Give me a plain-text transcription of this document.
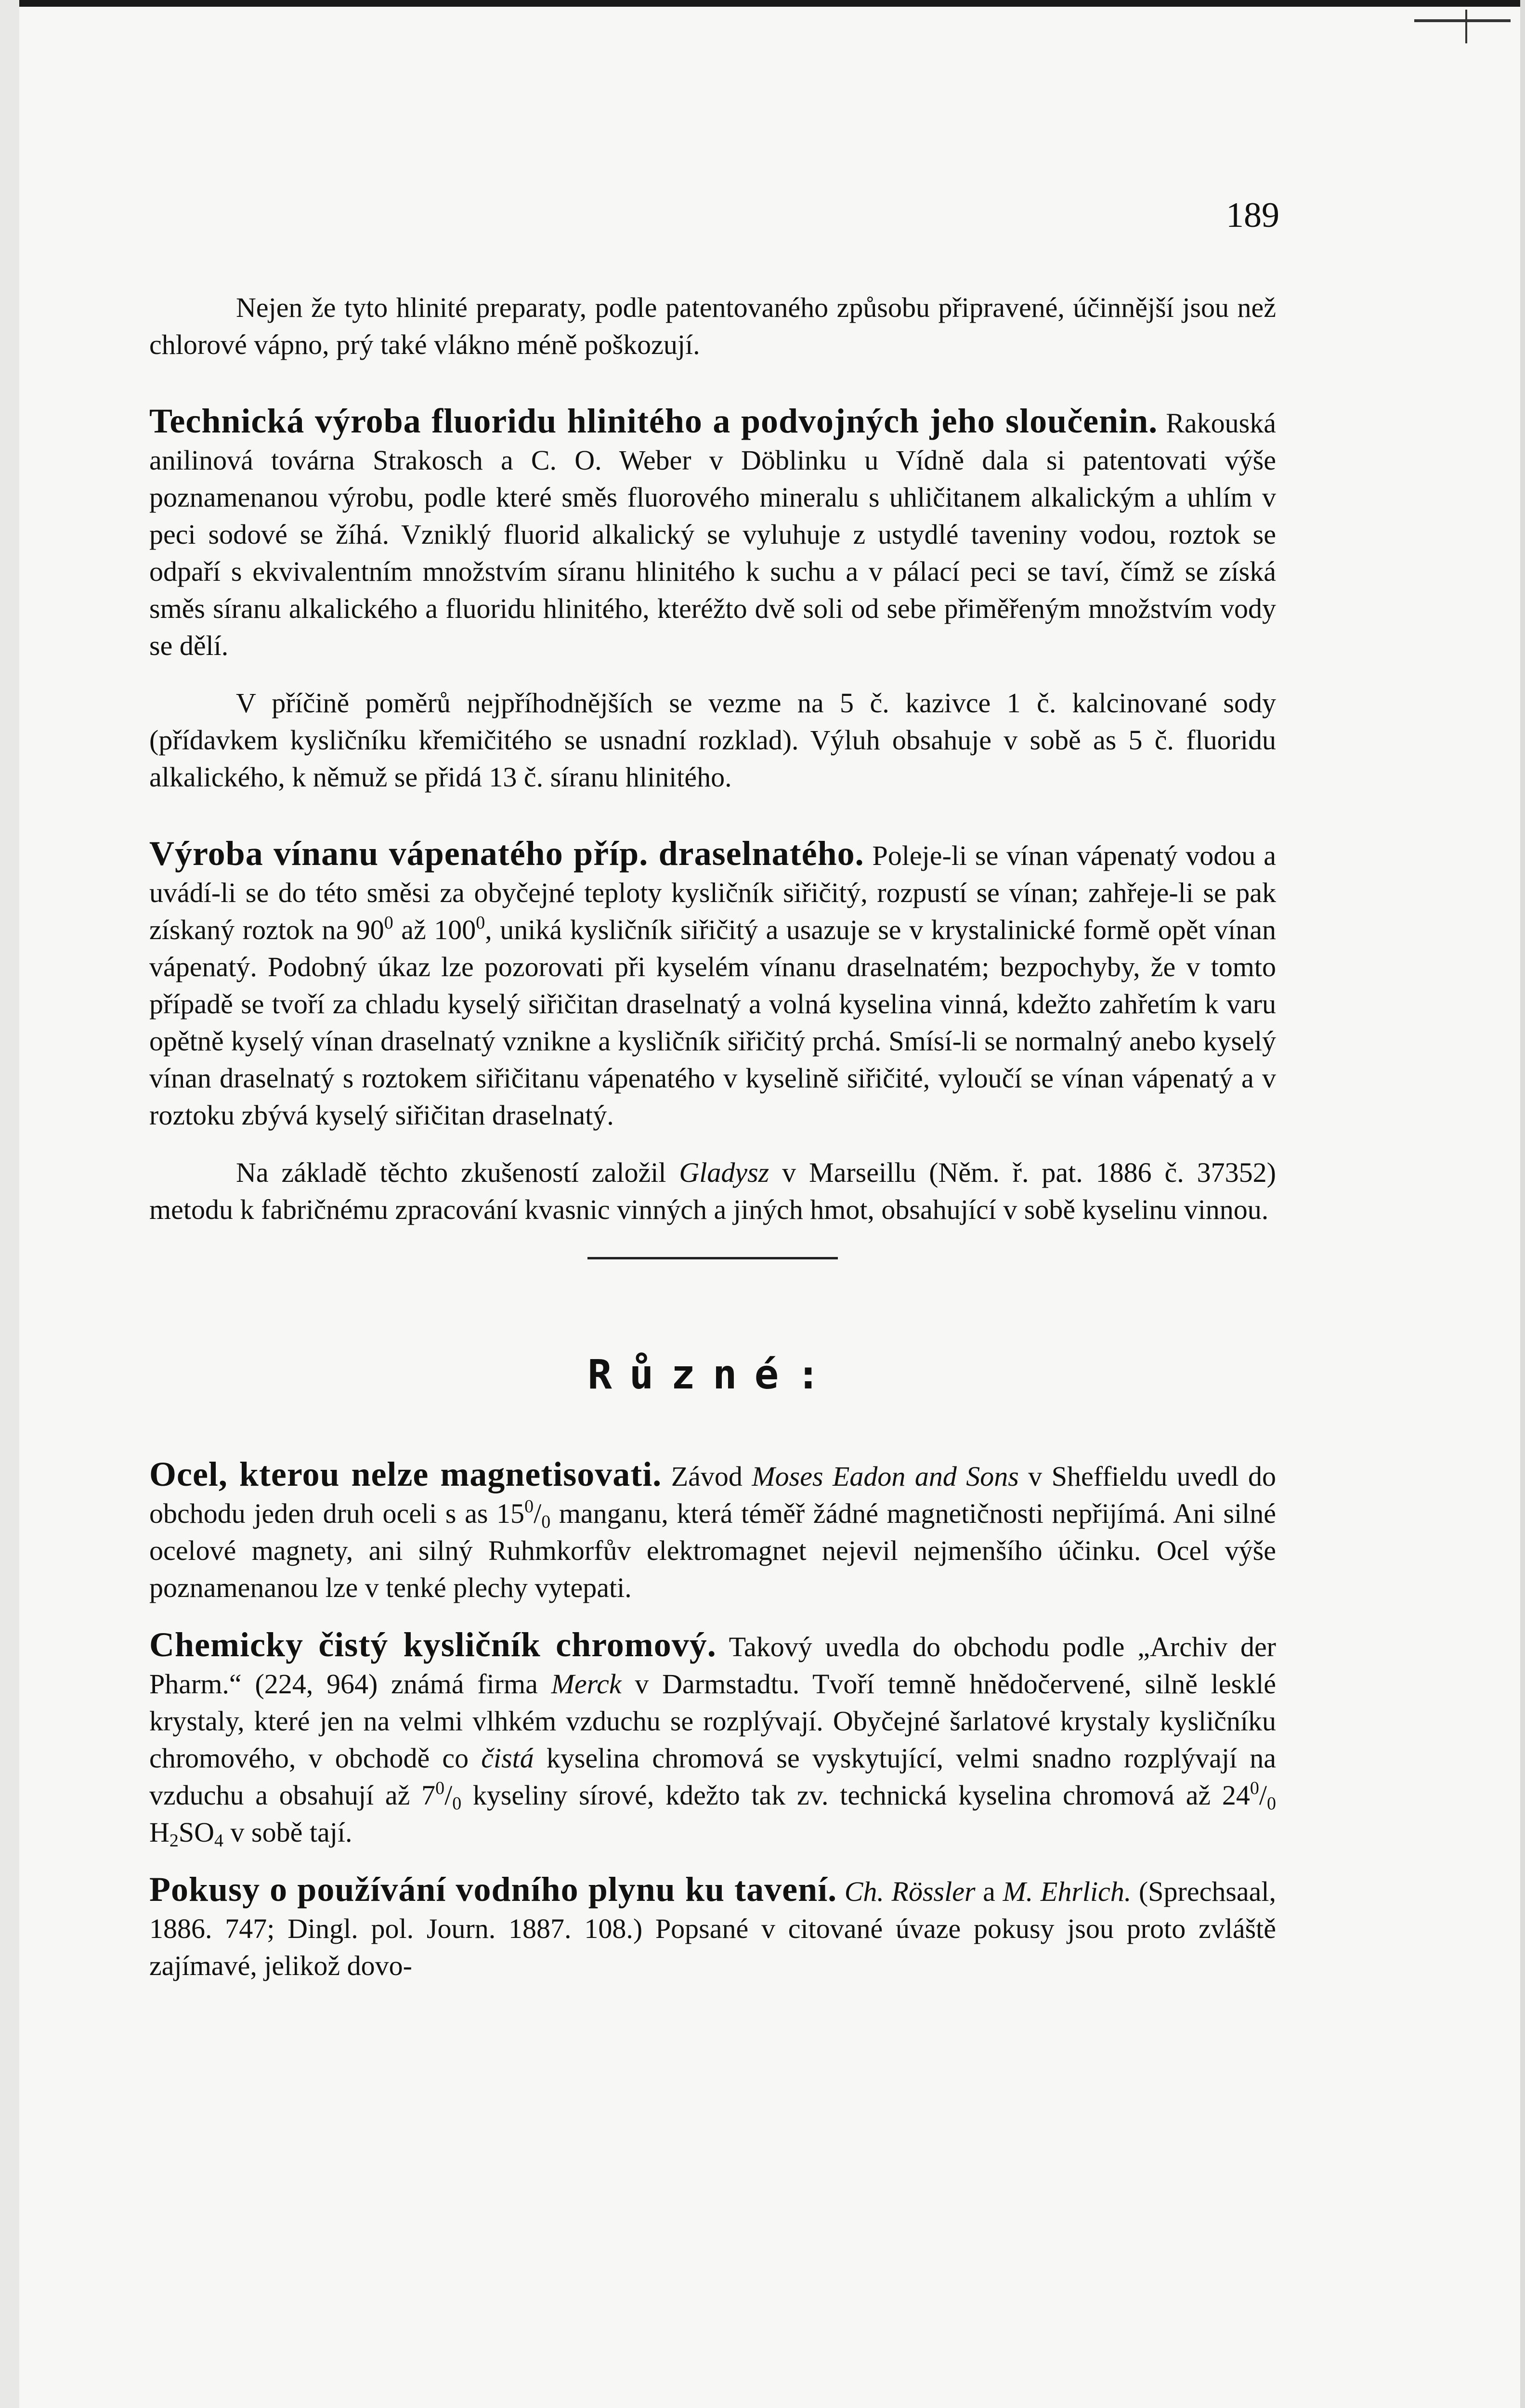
189

Nejen že tyto hlinité preparaty, podle patentovaného způsobu připravené, účinnější jsou než chlorové vápno, prý také vlákno méně poškozují.

Technická výroba fluoridu hlinitého a podvojných jeho sloučenin. Rakouská anilinová továrna Strakosch a C. O. Weber v Döblinku u Vídně dala si patentovati výše poznamenanou výrobu, podle které směs fluorového mineralu s uhličitanem alkalickým a uhlím v peci sodové se žíhá. Vzniklý fluorid alkalický se vyluhuje z ustydlé taveniny vodou, roztok se odpaří s ekvivalentním množstvím síranu hlinitého k suchu a v pálací peci se taví, čímž se získá směs síranu alkalického a fluoridu hlinitého, kteréžto dvě soli od sebe přiměřeným množstvím vody se dělí.

V příčině poměrů nejpříhodnějších se vezme na 5 č. kazivce 1 č. kalcinované sody (přídavkem kysličníku křemičitého se usnadní rozklad). Výluh obsahuje v sobě as 5 č. fluoridu alkalického, k němuž se přidá 13 č. síranu hlinitého.

Výroba vínanu vápenatého příp. draselnatého. Poleje-li se vínan vápenatý vodou a uvádí-li se do této směsi za obyčejné teploty kysličník siřičitý, rozpustí se vínan; zahřeje-li se pak získaný roztok na $90^0$ až $100^0$, uniká kysličník siřičitý a usazuje se v krystalinické formě opět vínan vápenatý. Podobný úkaz lze pozorovati při kyselém vínanu draselnatém; bezpochyby, že v tomto případě se tvoří za chladu kyselý siřičitan draselnatý a volná kyselina vinná, kdežto zahřetím k varu opětně kyselý vínan draselnatý vznikne a kysličník siřičitý prchá. Smísí-li se normalný anebo kyselý vínan draselnatý s roztokem siřičitanu vápenatého v kyselině siřičité, vyloučí se vínan vápenatý a v roztoku zbývá kyselý siřičitan draselnatý.

Na základě těchto zkušeností založil Gladysz v Marseillu (Něm. ř. pat. 1886 č. 37352) metodu k fabričnému zpracování kvasnic vinných a jiných hmot, obsahující v sobě kyselinu vinnou.

Různé:

Ocel, kterou nelze magnetisovati. Závod Moses Eadon and Sons v Sheffieldu uvedl do obchodu jeden druh oceli s as $15^0/_0$ manganu, která téměř žádné magnetičnosti nepřijímá. Ani silné ocelové magnety, ani silný Ruhmkorfův elektromagnet nejevil nejmenšího účinku. Ocel výše poznamenanou lze v tenké plechy vytepati.

Chemicky čistý kysličník chromový. Takový uvedla do obchodu podle „Archiv der Pharm.“ (224, 964) známá firma Merck v Darmstadtu. Tvoří temně hnědočervené, silně lesklé krystaly, které jen na velmi vlhkém vzduchu se rozplývají. Obyčejné šarlatové krystaly kysličníku chromového, v obchodě co čistá kyselina chromová se vyskytující, velmi snadno rozplývají na vzduchu a obsahují až $7^0/_0$ kyseliny sírové, kdežto tak zv. technická kyselina chromová až $24^0/_0$ $H_2SO_4$ v sobě tají.

Pokusy o používání vodního plynu ku tavení. Ch. Rössler a M. Ehrlich. (Sprechsaal, 1886. 747; Dingl. pol. Journ. 1887. 108.) Popsané v citované úvaze pokusy jsou proto zvláště zajímavé, jelikož dovo-
